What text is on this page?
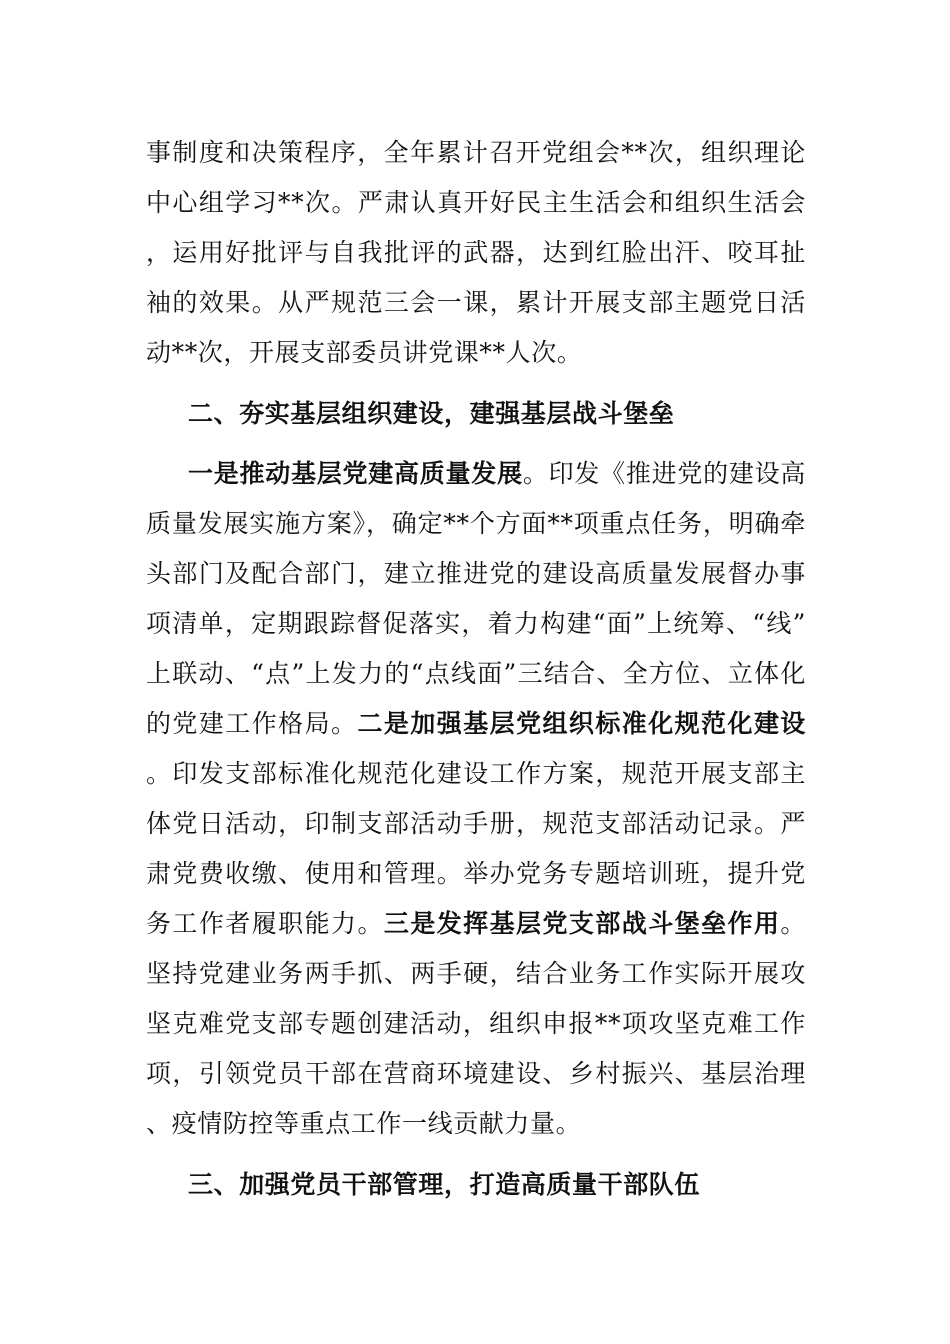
事制度和决策程序，全年累计召开党组会**次，组织理论中心组学习**次。严肃认真开好民主生活会和组织生活会，运用好批评与自我批评的武器，达到红脸出汗、咬耳扯袖的效果。从严规范三会一课，累计开展支部主题党日活动**次，开展支部委员讲党课**人次。

二、夯实基层组织建设，建强基层战斗堡垒

一是推动基层党建高质量发展。印发《推进党的建设高质量发展实施方案》，确定**个方面**项重点任务，明确牵头部门及配合部门，建立推进党的建设高质量发展督办事项清单，定期跟踪督促落实，着力构建“面”上统筹、“线”上联动、“点”上发力的“点线面”三结合、全方位、立体化的党建工作格局。二是加强基层党组织标准化规范化建设。印发支部标准化规范化建设工作方案，规范开展支部主体党日活动，印制支部活动手册，规范支部活动记录。严肃党费收缴、使用和管理。举办党务专题培训班，提升党务工作者履职能力。三是发挥基层党支部战斗堡垒作用。坚持党建业务两手抓、两手硬，结合业务工作实际开展攻坚克难党支部专题创建活动，组织申报**项攻坚克难工作项，引领党员干部在营商环境建设、乡村振兴、基层治理、疫情防控等重点工作一线贡献力量。

三、加强党员干部管理，打造高质量干部队伍
